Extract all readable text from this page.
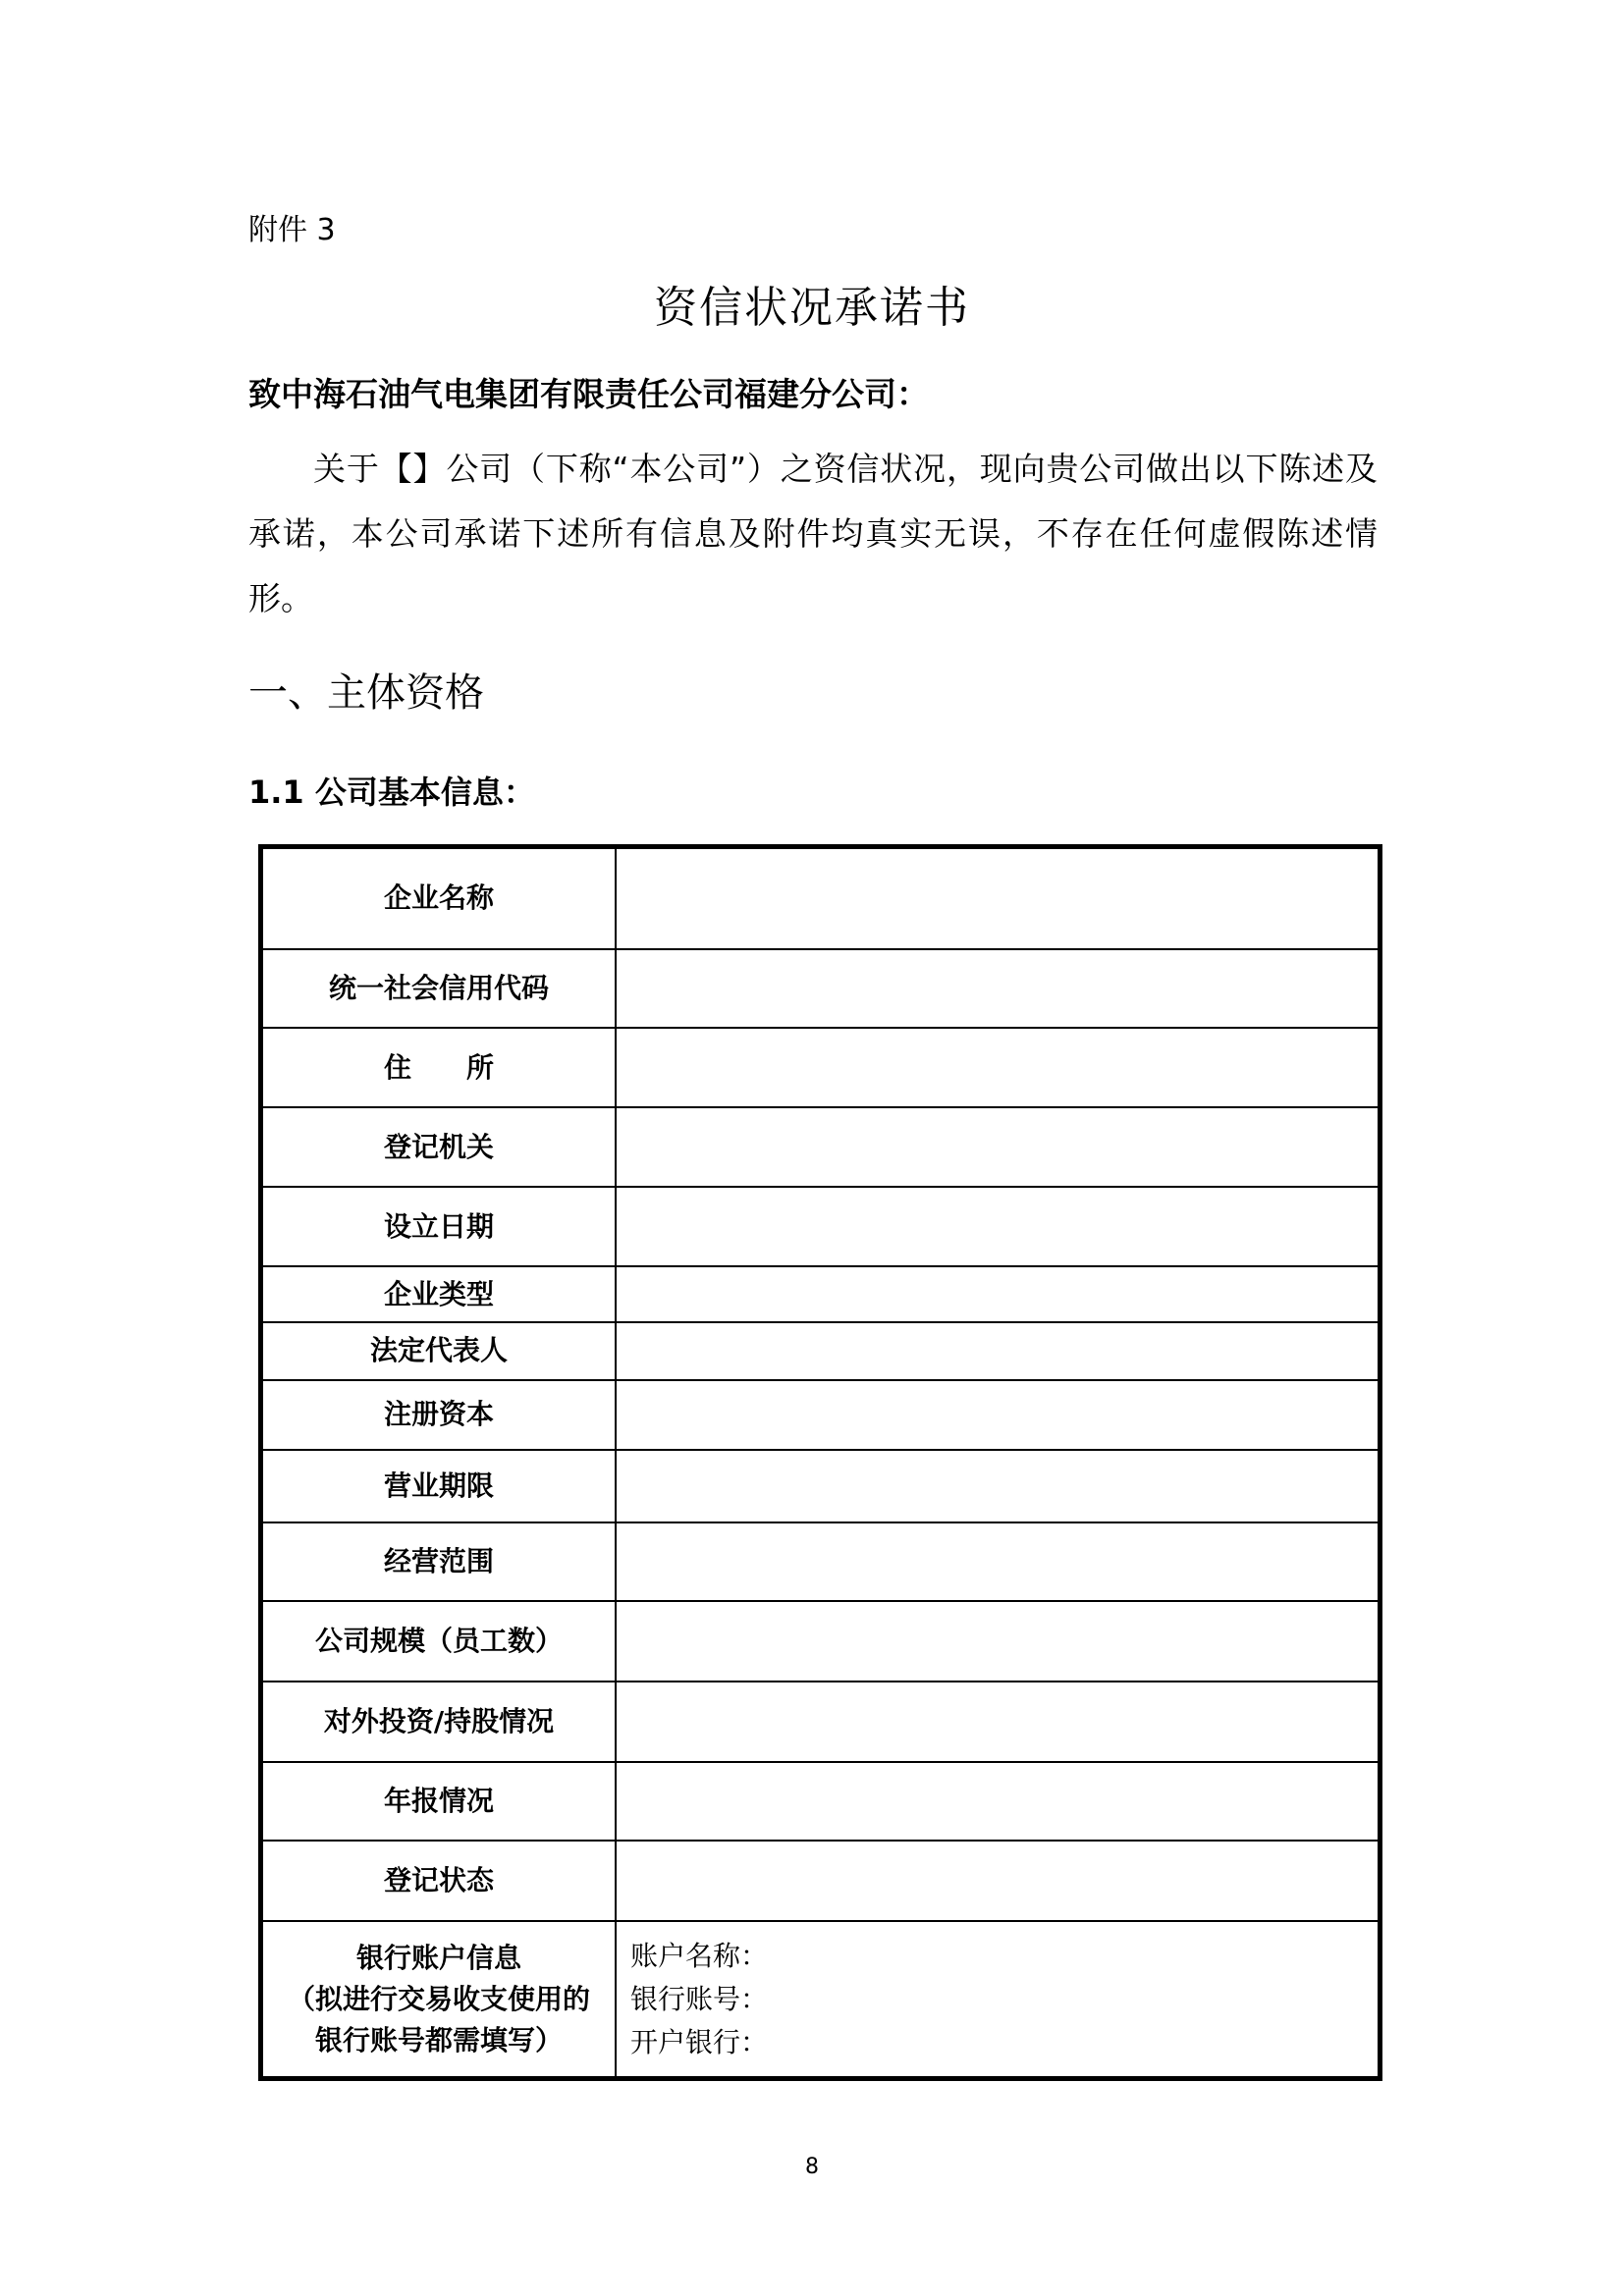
附件 3
资信状况承诺书
致中海石油气电集团有限责任公司福建分公司：
关于【】公司（下称“本公司”）之资信状况，现向贵公司做出以下陈述及承诺，本公司承诺下述所有信息及附件均真实无误，不存在任何虚假陈述情形。
一、主体资格
1.1 公司基本信息：
企业名称	
统一社会信用代码	
住　　所	
登记机关	
设立日期	
企业类型	
法定代表人	
注册资本	
营业期限	
经营范围	
公司规模（员工数）	
对外投资/持股情况	
年报情况	
登记状态	

银行账户信息
（拟进行交易收支使用的
银行账号都需填写）	账户名称：
银行账号：
开户银行：
8
